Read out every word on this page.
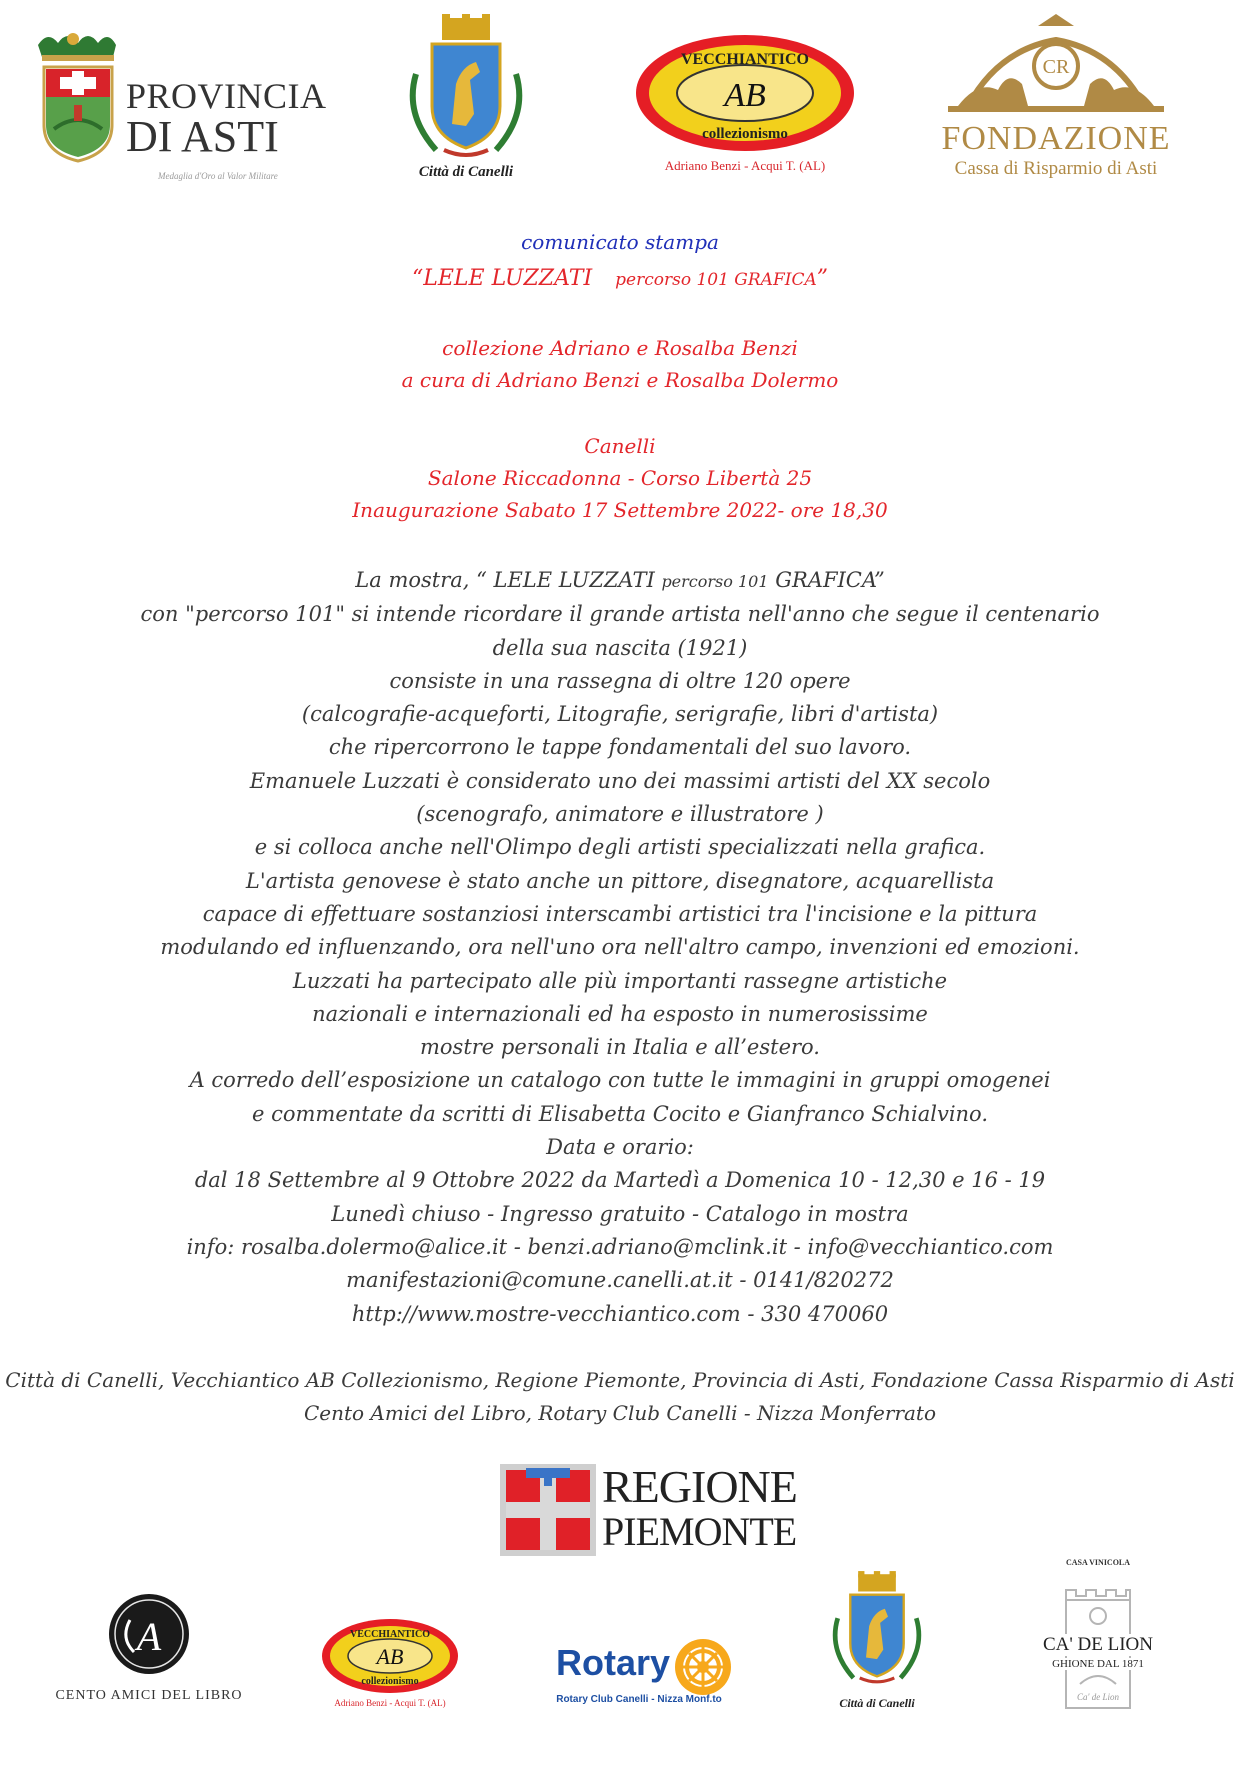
PROVINCIA
DI ASTI
Medaglia d'Oro al Valor Militare	Città di Canelli
VECCHIANTICO
AB
collezionismo
Adriano Benzi - Acqui T. (AL)
CR
FONDAZIONE
Cassa di Risparmio di Asti
comunicato stampa
“LELE LUZZATI percorso 101 GRAFICA”
collezione Adriano e Rosalba Benzi
a cura di Adriano Benzi e Rosalba Dolermo
Canelli
Salone Riccadonna - Corso Libertà 25
Inaugurazione Sabato 17 Settembre 2022- ore 18,30
La mostra, “ LELE LUZZATI percorso 101 GRAFICA”
con "percorso 101" si intende ricordare il grande artista nell'anno che segue il centenario
della sua nascita (1921)
consiste in una rassegna di oltre 120 opere
(calcografie-acqueforti, Litografie, serigrafie, libri d'artista)
che ripercorrono le tappe fondamentali del suo lavoro.
Emanuele Luzzati è considerato uno dei massimi artisti del XX secolo
(scenografo, animatore e illustratore )
e si colloca anche nell'Olimpo degli artisti specializzati nella grafica.
L'artista genovese è stato anche un pittore, disegnatore, acquarellista
capace di effettuare sostanziosi interscambi artistici tra l'incisione e la pittura
modulando ed influenzando, ora nell'uno ora nell'altro campo, invenzioni ed emozioni.
Luzzati ha partecipato alle più importanti rassegne artistiche
nazionali e internazionali ed ha esposto in numerosissime
mostre personali in Italia e all’estero.
A corredo dell’esposizione un catalogo con tutte le immagini in gruppi omogenei
e commentate da scritti di Elisabetta Cocito e Gianfranco Schialvino.
Data e orario:
dal 18 Settembre al 9 Ottobre 2022 da Martedì a Domenica 10 - 12,30 e 16 - 19
Lunedì chiuso - Ingresso gratuito - Catalogo in mostra
info: rosalba.dolermo@alice.it - benzi.adriano@mclink.it - info@vecchiantico.com
manifestazioni@comune.canelli.at.it - 0141/820272
http://www.mostre-vecchiantico.com - 330 470060
Città di Canelli, Vecchiantico AB Collezionismo, Regione Piemonte, Provincia di Asti, Fondazione Cassa Risparmio di Asti
Cento Amici del Libro, Rotary Club Canelli - Nizza Monferrato
REGIONE
PIEMONTE
A
CENTO AMICI DEL LIBRO
VECCHIANTICO
AB
collezionismo
Adriano Benzi - Acqui T. (AL)
Rotary
Rotary Club Canelli - Nizza Monf.to	Città di Canelli
CASA VINICOLA
Ca' de Lion
CA' DE LION
GHIONE DAL 1871
